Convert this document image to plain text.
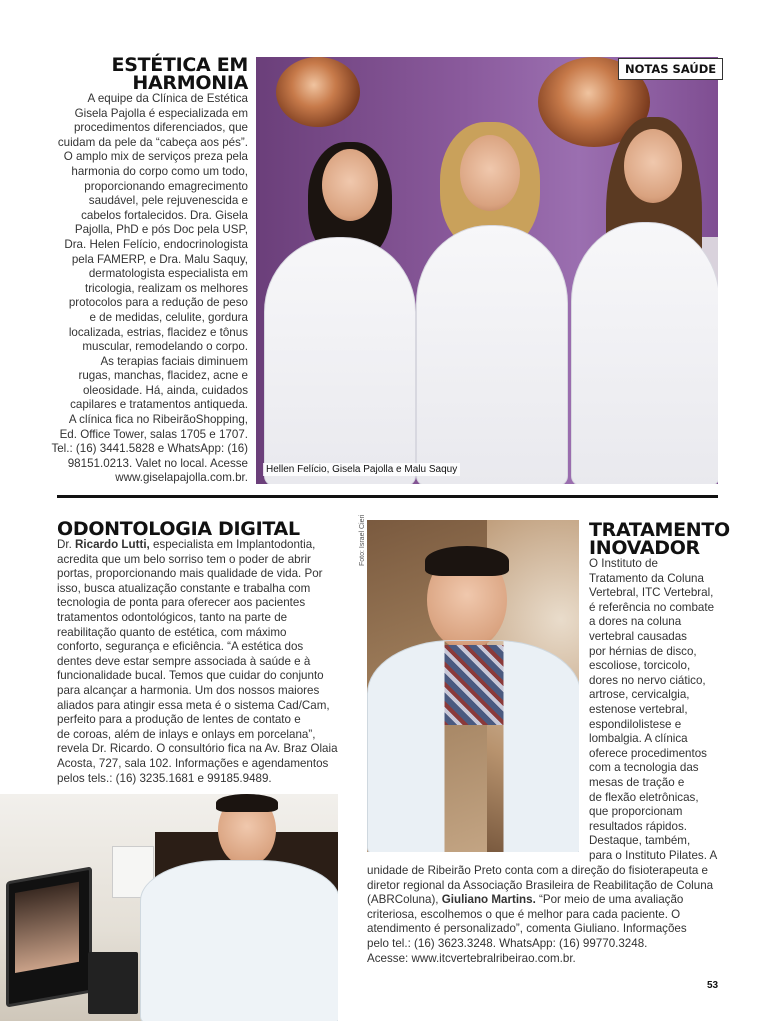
ESTÉTICA EM
HARMONIA
A equipe da Clínica de Estética
Gisela Pajolla é especializada em
procedimentos diferenciados, que
cuidam da pele da “cabeça aos pés”.
O amplo mix de serviços preza pela
harmonia do corpo como um todo,
proporcionando emagrecimento
saudável, pele rejuvenescida e
cabelos fortalecidos. Dra. Gisela
Pajolla, PhD e pós Doc pela USP,
Dra. Helen Felício, endocrinologista
pela FAMERP, e Dra. Malu Saquy,
dermatologista especialista em
tricologia, realizam os melhores
protocolos para a redução de peso
e de medidas, celulite, gordura
localizada, estrias, flacidez e tônus
muscular, remodelando o corpo.
As terapias faciais diminuem
rugas, manchas, flacidez, acne e
oleosidade. Há, ainda, cuidados
capilares e tratamentos antiqueda.
A clínica fica no RibeirãoShopping,
Ed. Office Tower, salas 1705 e 1707.
Tel.: (16) 3441.5828 e WhatsApp: (16)
98151.0213. Valet no local. Acesse
www.giselapajolla.com.br.
Hellen Felício, Gisela Pajolla e Malu Saquy
NOTAS SAÚDE
ODONTOLOGIA DIGITAL
Dr. Ricardo Lutti, especialista em Implantodontia,
acredita que um belo sorriso tem o poder de abrir
portas, proporcionando mais qualidade de vida. Por
isso, busca atualização constante e trabalha com
tecnologia de ponta para oferecer aos pacientes
tratamentos odontológicos, tanto na parte de
reabilitação quanto de estética, com máximo
conforto, segurança e eficiência. “A estética dos
dentes deve estar sempre associada à saúde e à
funcionalidade bucal. Temos que cuidar do conjunto
para alcançar a harmonia. Um dos nossos maiores
aliados para atingir essa meta é o sistema Cad/Cam,
perfeito para a produção de lentes de contato e
de coroas, além de inlays e onlays em porcelana”,
revela Dr. Ricardo. O consultório fica na Av. Braz Olaia
Acosta, 727, sala 102. Informações e agendamentos
pelos tels.: (16) 3235.1681 e 99185.9489.
Foto: Israel Cieri	TRATAMENTO
INOVADOR
O Instituto de
Tratamento da Coluna
Vertebral, ITC Vertebral,
é referência no combate
a dores na coluna
vertebral causadas
por hérnias de disco,
escoliose, torcicolo,
dores no nervo ciático,
artrose, cervicalgia,
estenose vertebral,
espondilolistese e
lombalgia. A clínica
oferece procedimentos
com a tecnologia das
mesas de tração e
de flexão eletrônicas,
que proporcionam
resultados rápidos.
Destaque, também,
para o Instituto Pilates. A
unidade de Ribeirão Preto conta com a direção do fisioterapeuta e
diretor regional da Associação Brasileira de Reabilitação de Coluna
(ABRColuna), Giuliano Martins. “Por meio de uma avaliação
criteriosa, escolhemos o que é melhor para cada paciente. O
atendimento é personalizado”, comenta Giuliano. Informações
pelo tel.: (16) 3623.3248. WhatsApp: (16) 99770.3248.
Acesse: www.itcvertebralribeirao.com.br.
53
